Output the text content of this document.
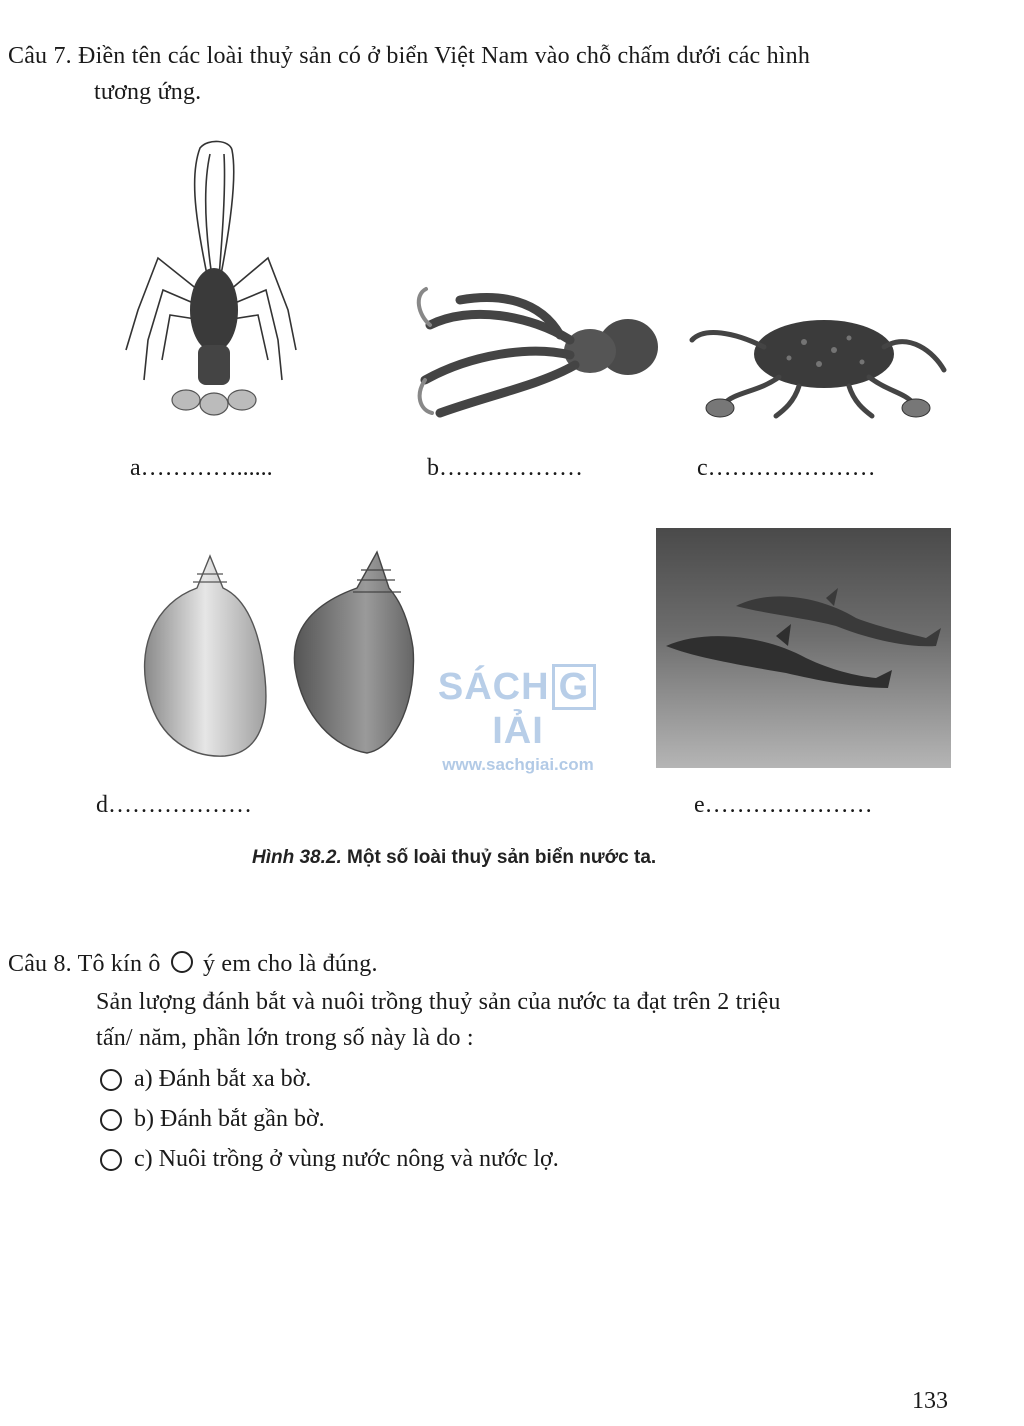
Câu 7. Điền tên các loài thuỷ sản có ở biển Việt Nam vào chỗ chấm dưới các hình
tương ứng.
a…………......	b………………	c…………………
SÁCH GIẢI
www.sachgiai.com
d………………	e…………………
Hình 38.2. Một số loài thuỷ sản biển nước ta.
Câu 8. Tô kín ô ý em cho là đúng.
Sản lượng đánh bắt và nuôi trồng thuỷ sản của nước ta đạt trên 2 triệu
tấn/ năm, phần lớn trong số này là do :
a) Đánh bắt xa bờ.
b) Đánh bắt gần bờ.
c) Nuôi trồng ở vùng nước nông và nước lợ.
133
